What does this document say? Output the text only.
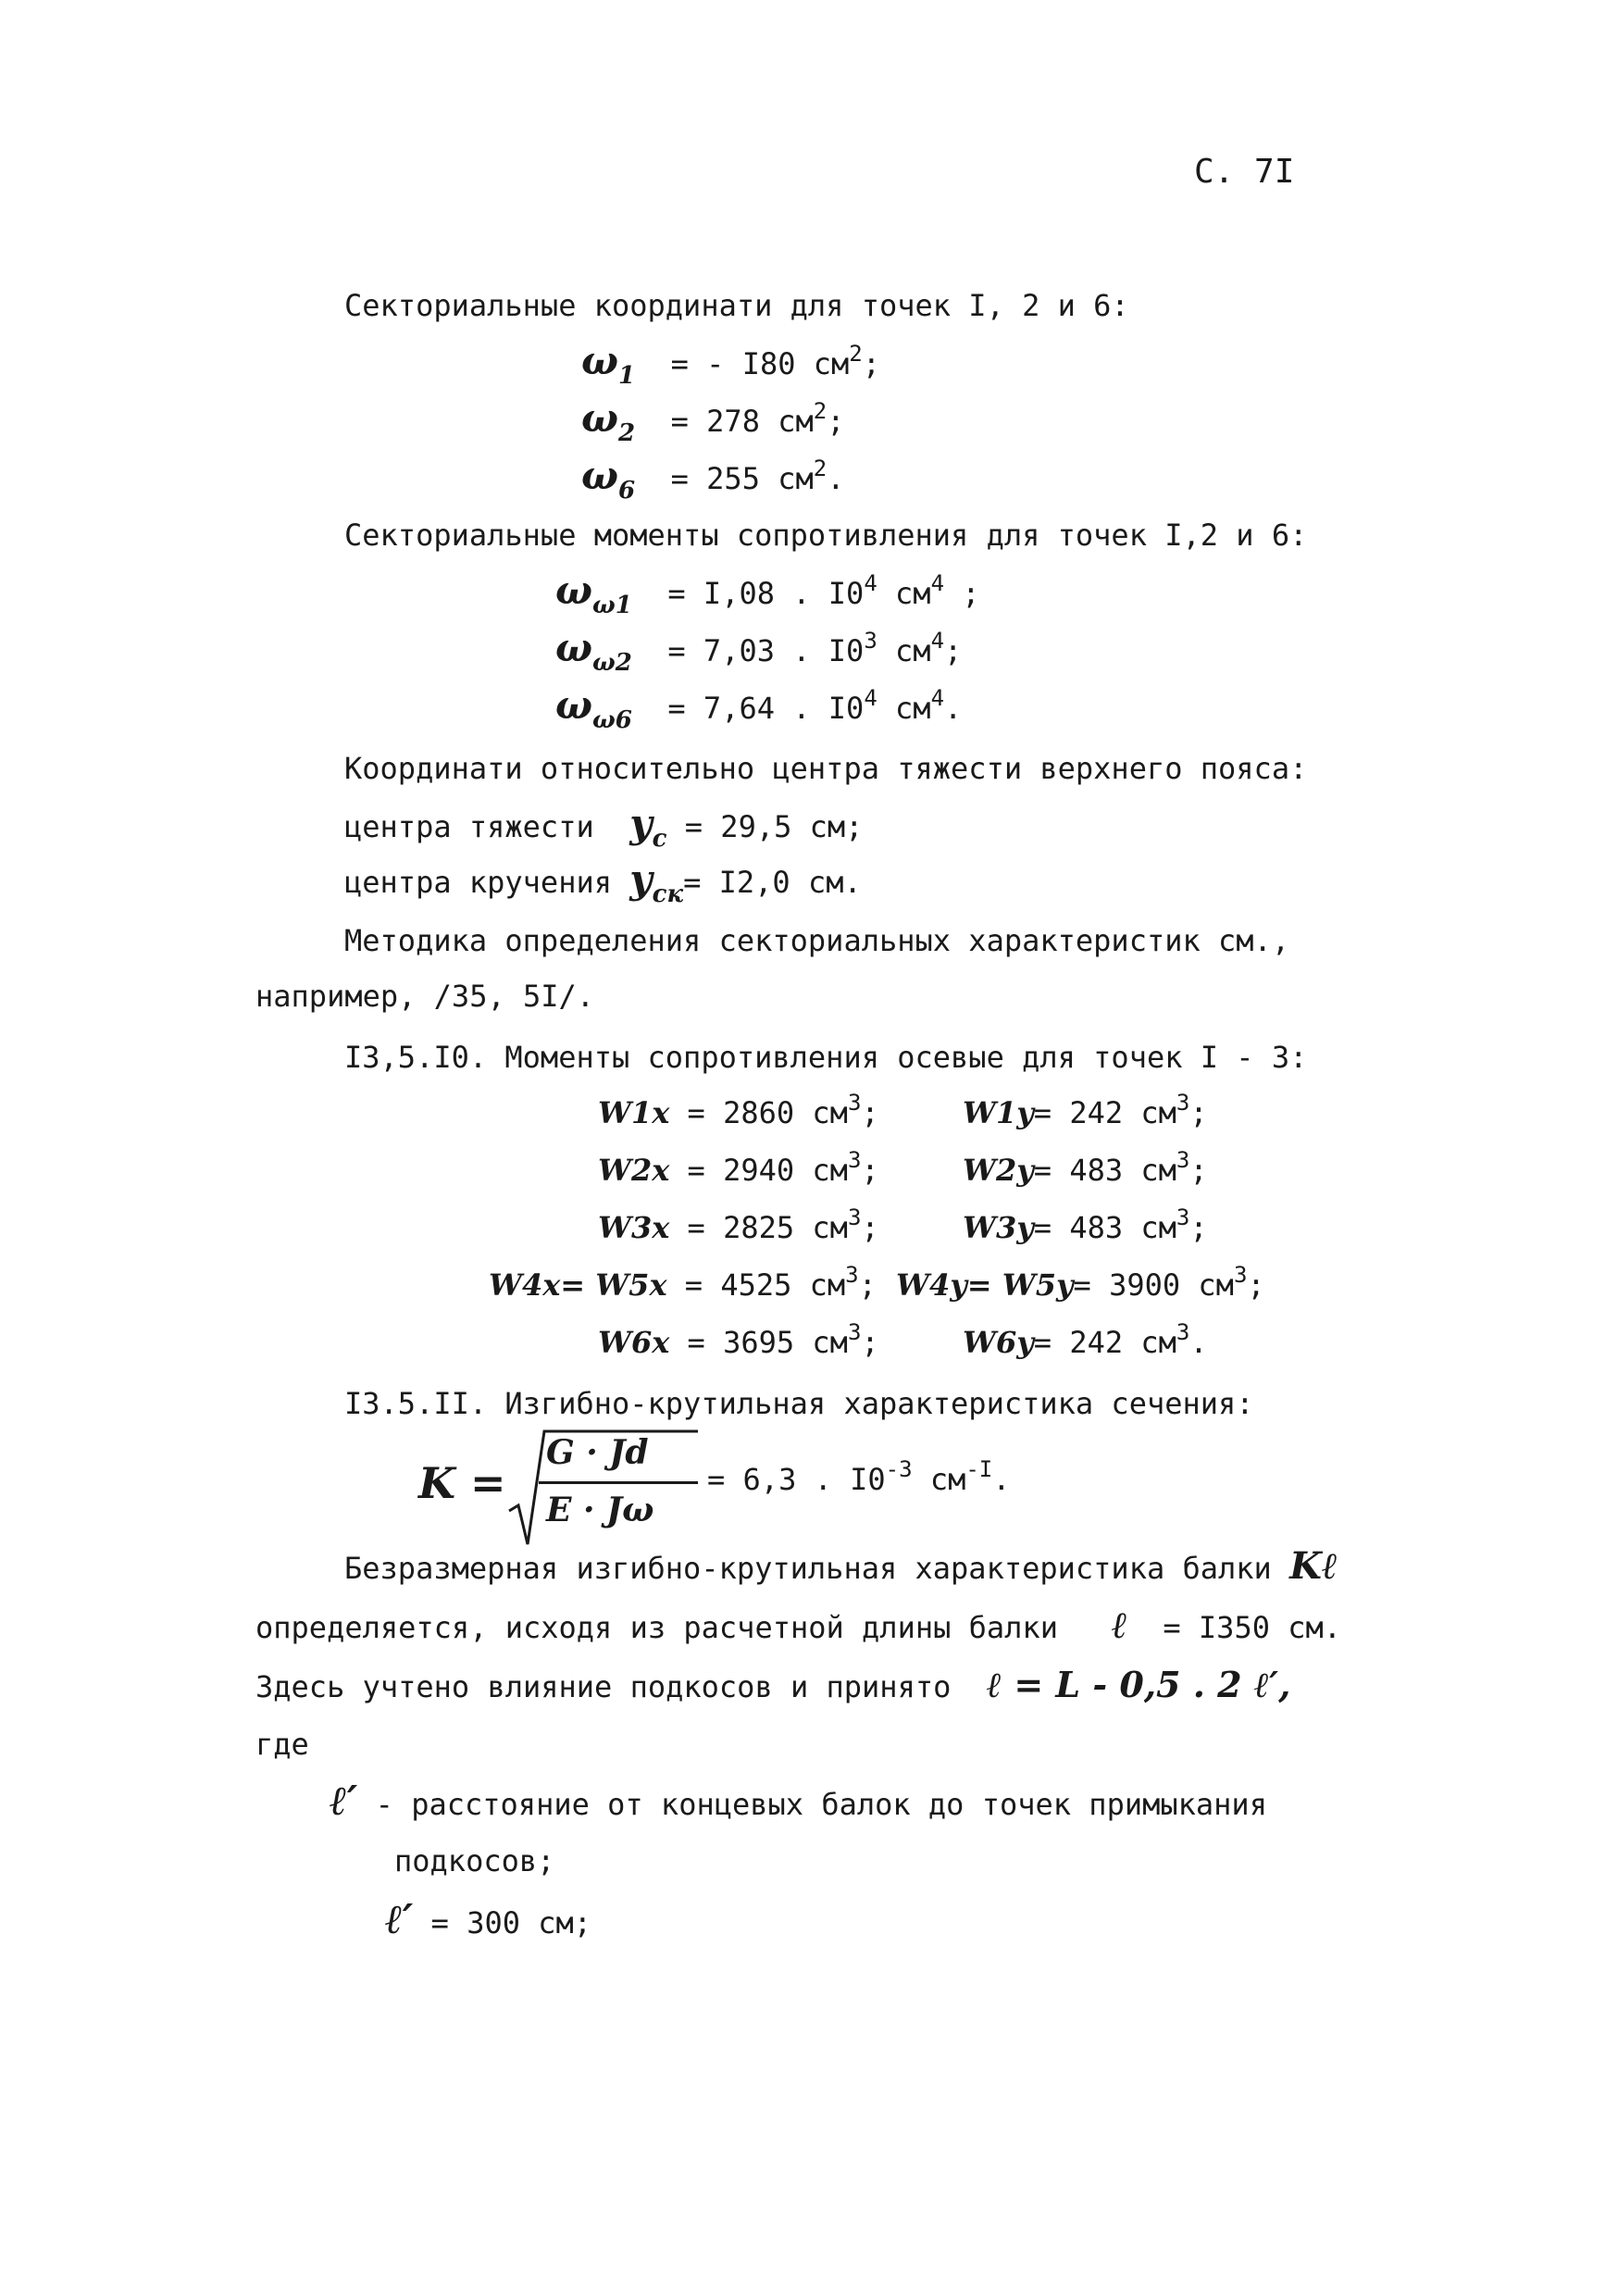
С. 7I
Секториальные координати для точек I, 2 и 6:
$\omega_1$ = - I80 $см^2$;
$\omega_2 = 278$ $см^2$;
$\omega_6 = 255$ $см^2$.
Секториальные моменты сопротивления для точек I,2 и 6:
$\omega_{\omega 1} = I,08$ . $I0^4$ $см^4$ ;
$\omega_{\omega 2} = 7,03$ . $I0^3$ $см^4$;
$\omega_{\omega 6} = 7,64$ . $I0^4$ $см^4$.
Координати относительно центра тяжести верхнего пояса:
центра тяжести $y_c = 29,5$ см;
центра кручения $y_{ск}= I2,0$ см.
Методика определения секториальных характеристик см.,
например, /35, 5I/.
I3,5.I0. Моменты сопротивления осевые для точек I - 3:
W1x = 2860 $см^3$;	W1y= 242 $см^3$;
W2x = 2940 $см^3$;	W2y= 483 $см^3$;
W3x = 2825 $см^3$;	W3y= 483 $см^3$;
W4x= W5x = 4525 $см^3$; W4y= W5y= 3900 $см^3$;
W6x = 3695 $см^3$;	W6y= 242 $см^3$.
I3.5.II. Изгибно-крутильная характеристика сечения:
K =
G · Jd
E · Jω
= 6,3 . $I0^{-3}$ $см^{-I}$.
Безразмерная изгибно-крутильная характеристика балки Kℓ
определяется, исходя из расчетной длины балки ℓ = I350 см.
Здесь учтено влияние подкосов и принято ℓ = L - 0,5 . 2 ℓ′,
где
ℓ′ - расстояние от концевых балок до точек примыкания
подкосов;
ℓ′ = 300 см;
